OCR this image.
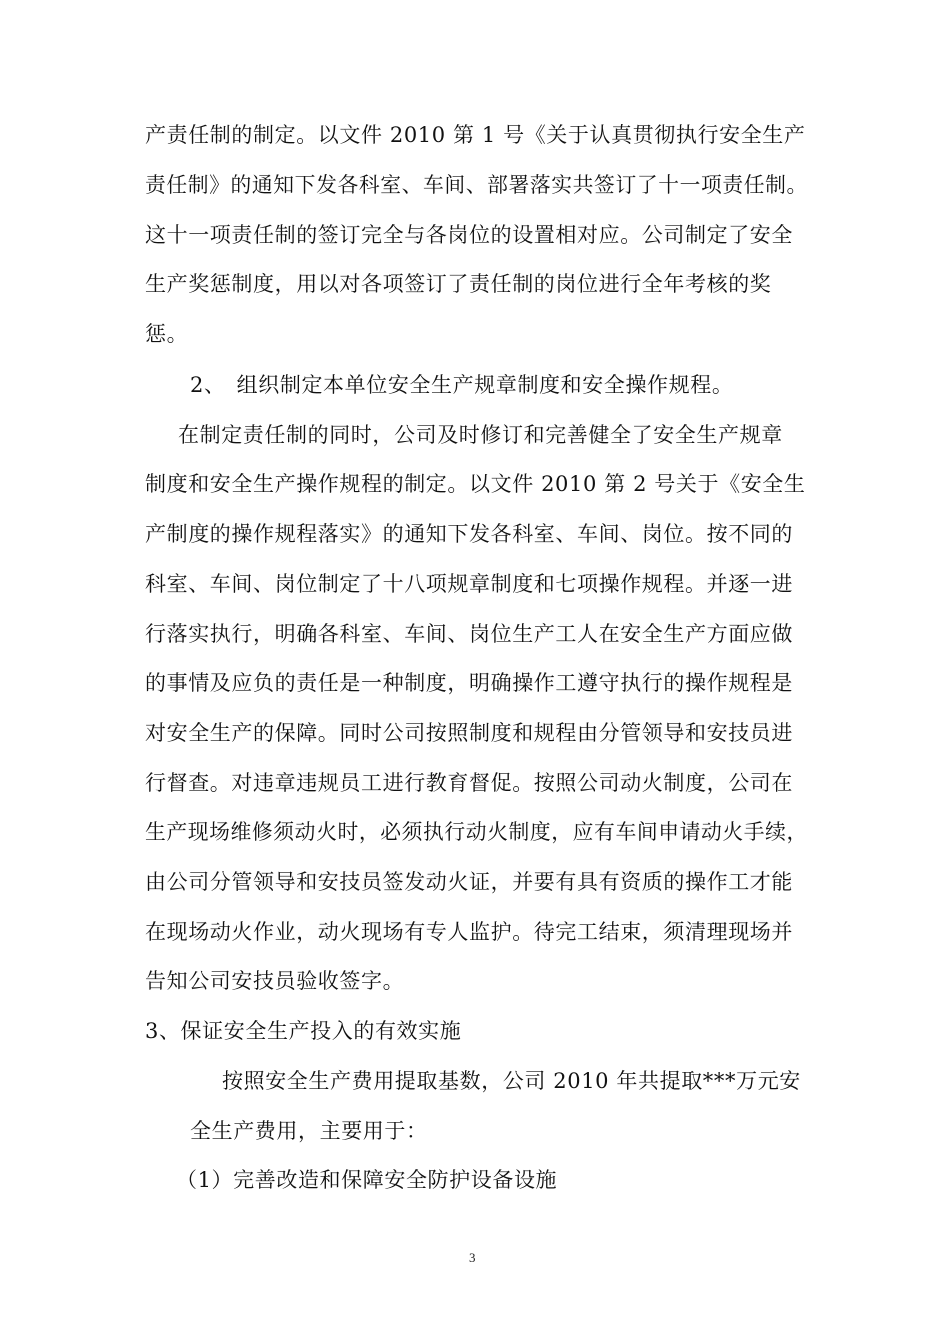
产责任制的制定。以文件 2010 第 1 号《关于认真贯彻执行安全生产
责任制》的通知下发各科室、车间、部署落实共签订了十一项责任制。
这十一项责任制的签订完全与各岗位的设置相对应。公司制定了安全
生产奖惩制度，用以对各项签订了责任制的岗位进行全年考核的奖
惩。
2、　组织制定本单位安全生产规章制度和安全操作规程。
在制定责任制的同时，公司及时修订和完善健全了安全生产规章
制度和安全生产操作规程的制定。以文件 2010 第 2 号关于《安全生
产制度的操作规程落实》的通知下发各科室、车间、岗位。按不同的
科室、车间、岗位制定了十八项规章制度和七项操作规程。并逐一进
行落实执行，明确各科室、车间、岗位生产工人在安全生产方面应做
的事情及应负的责任是一种制度，明确操作工遵守执行的操作规程是
对安全生产的保障。同时公司按照制度和规程由分管领导和安技员进
行督查。对违章违规员工进行教育督促。按照公司动火制度，公司在
生产现场维修须动火时，必须执行动火制度，应有车间申请动火手续，
由公司分管领导和安技员签发动火证，并要有具有资质的操作工才能
在现场动火作业，动火现场有专人监护。待完工结束，须清理现场并
告知公司安技员验收签字。
3、保证安全生产投入的有效实施
按照安全生产费用提取基数，公司 2010 年共提取***万元安
全生产费用，主要用于：
（1）完善改造和保障安全防护设备设施
3
